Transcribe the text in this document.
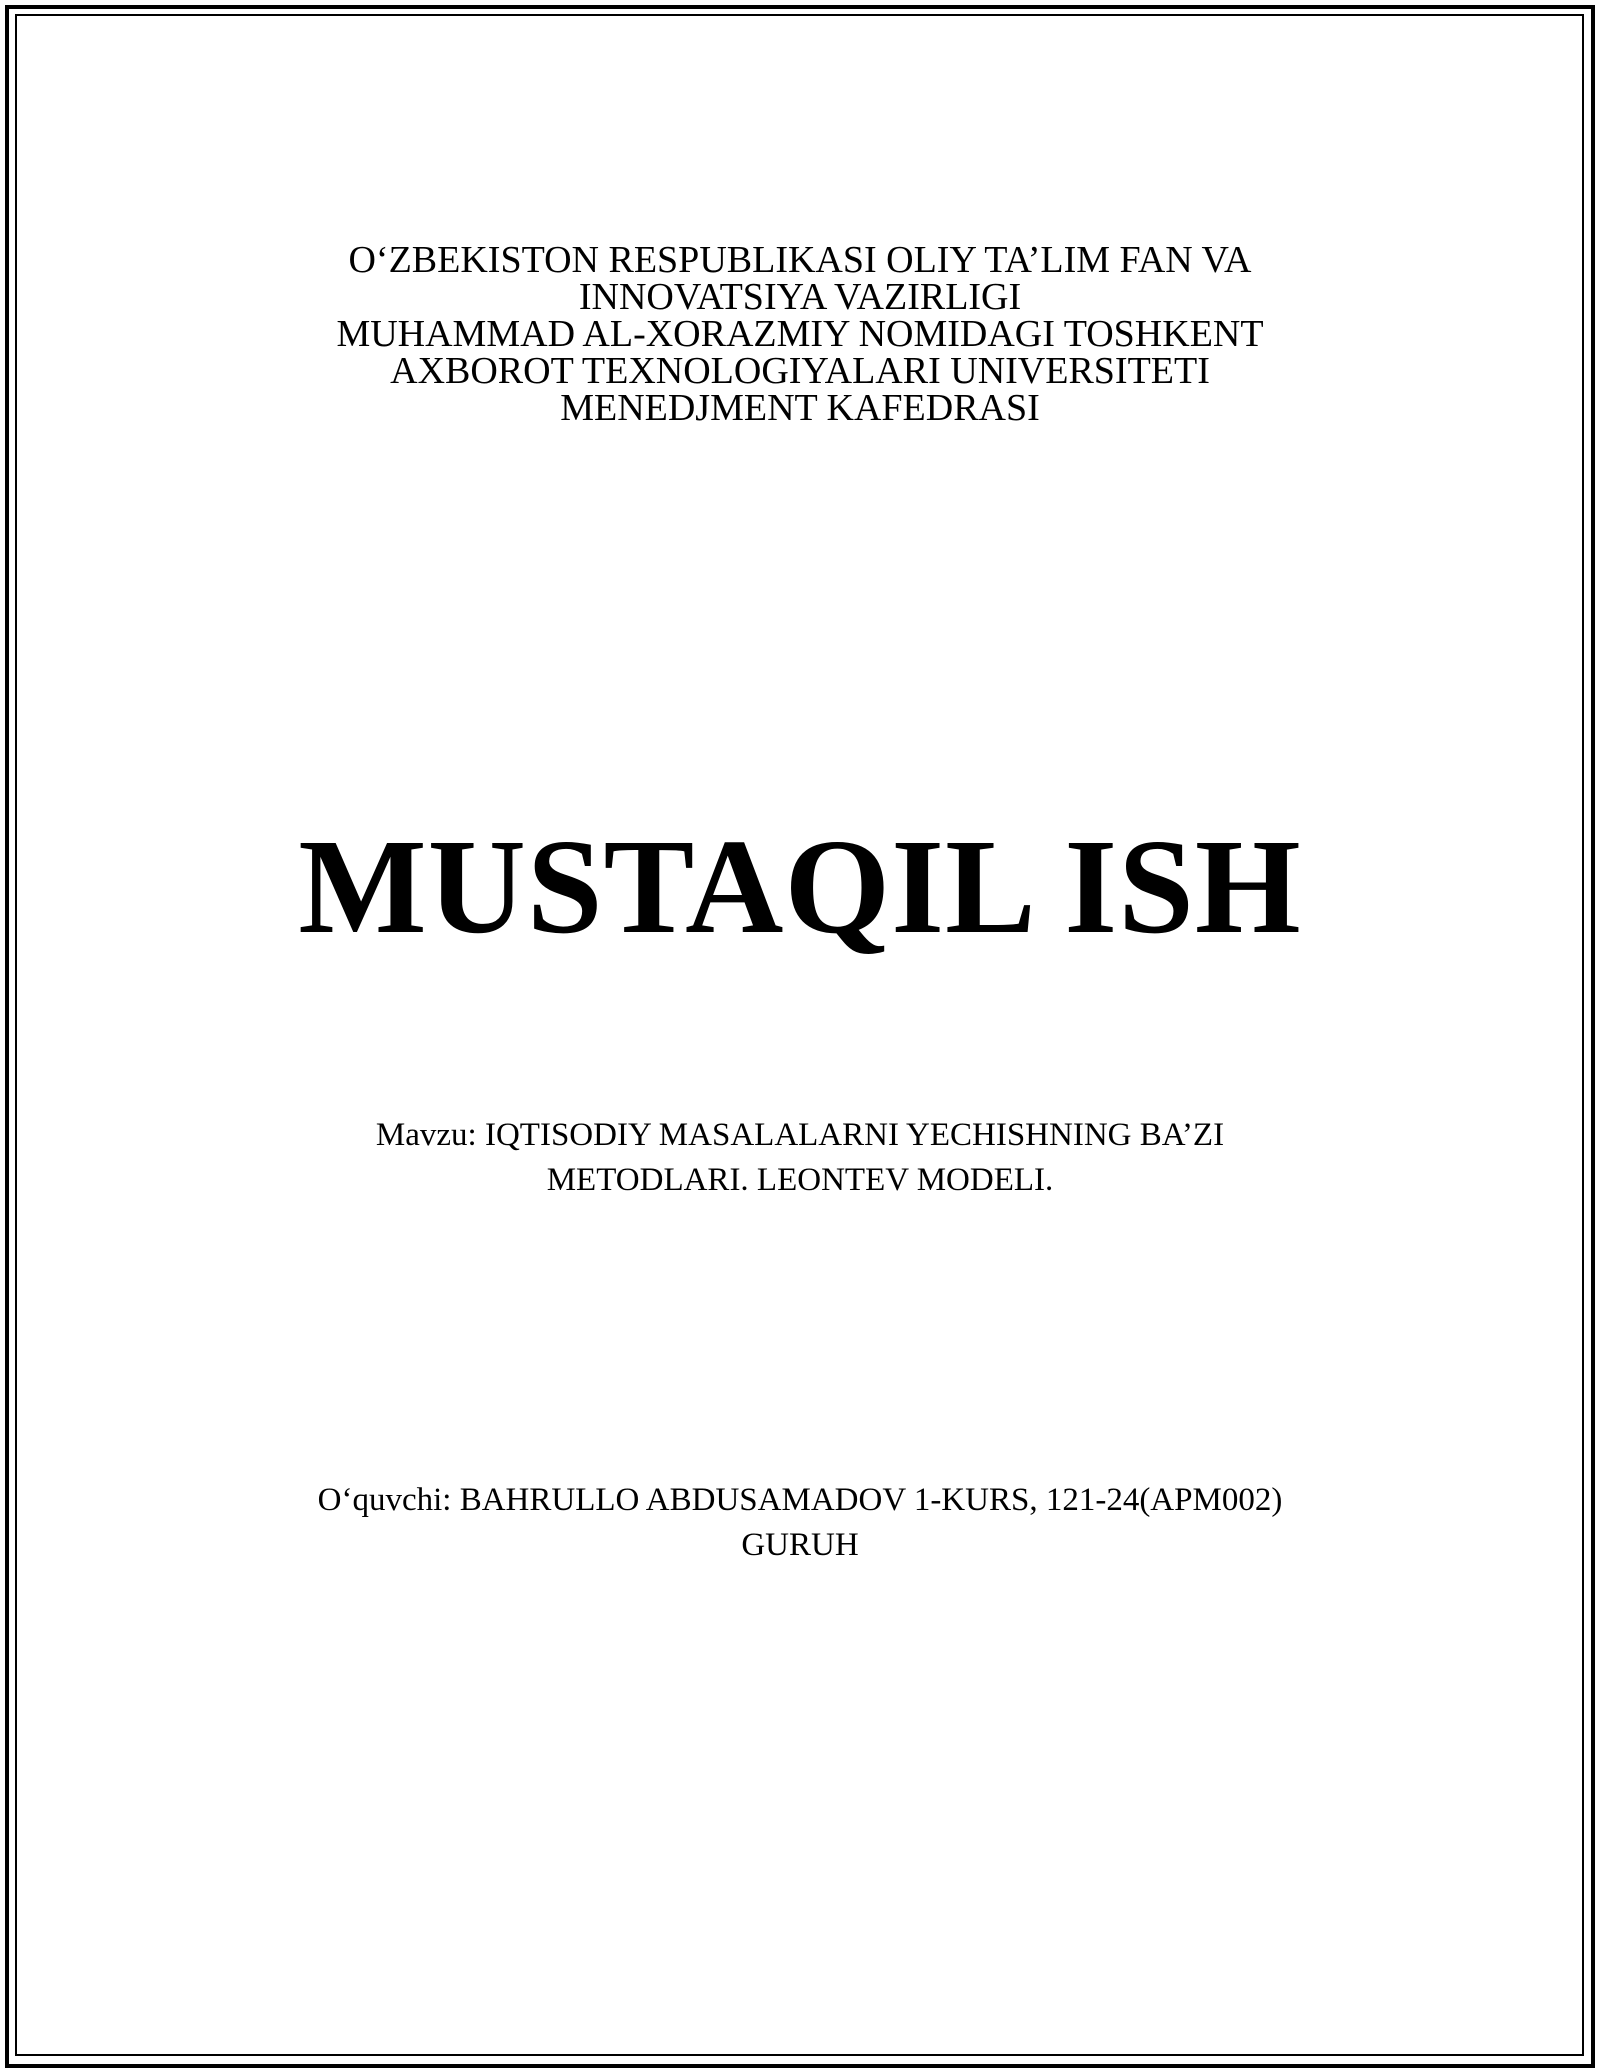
O‘ZBEKISTON RESPUBLIKASI OLIY TA’LIM FAN VA
INNOVATSIYA VAZIRLIGI
MUHAMMAD AL-XORAZMIY NOMIDAGI TOSHKENT
AXBOROT TEXNOLOGIYALARI UNIVERSITETI
MENEDJMENT KAFEDRASI
MUSTAQIL ISH
Mavzu: IQTISODIY MASALALARNI YECHISHNING BA’ZI
METODLARI. LEONTEV MODELI.
O‘quvchi: BAHRULLO ABDUSAMADOV 1-KURS, 121-24(APM002)
GURUH
